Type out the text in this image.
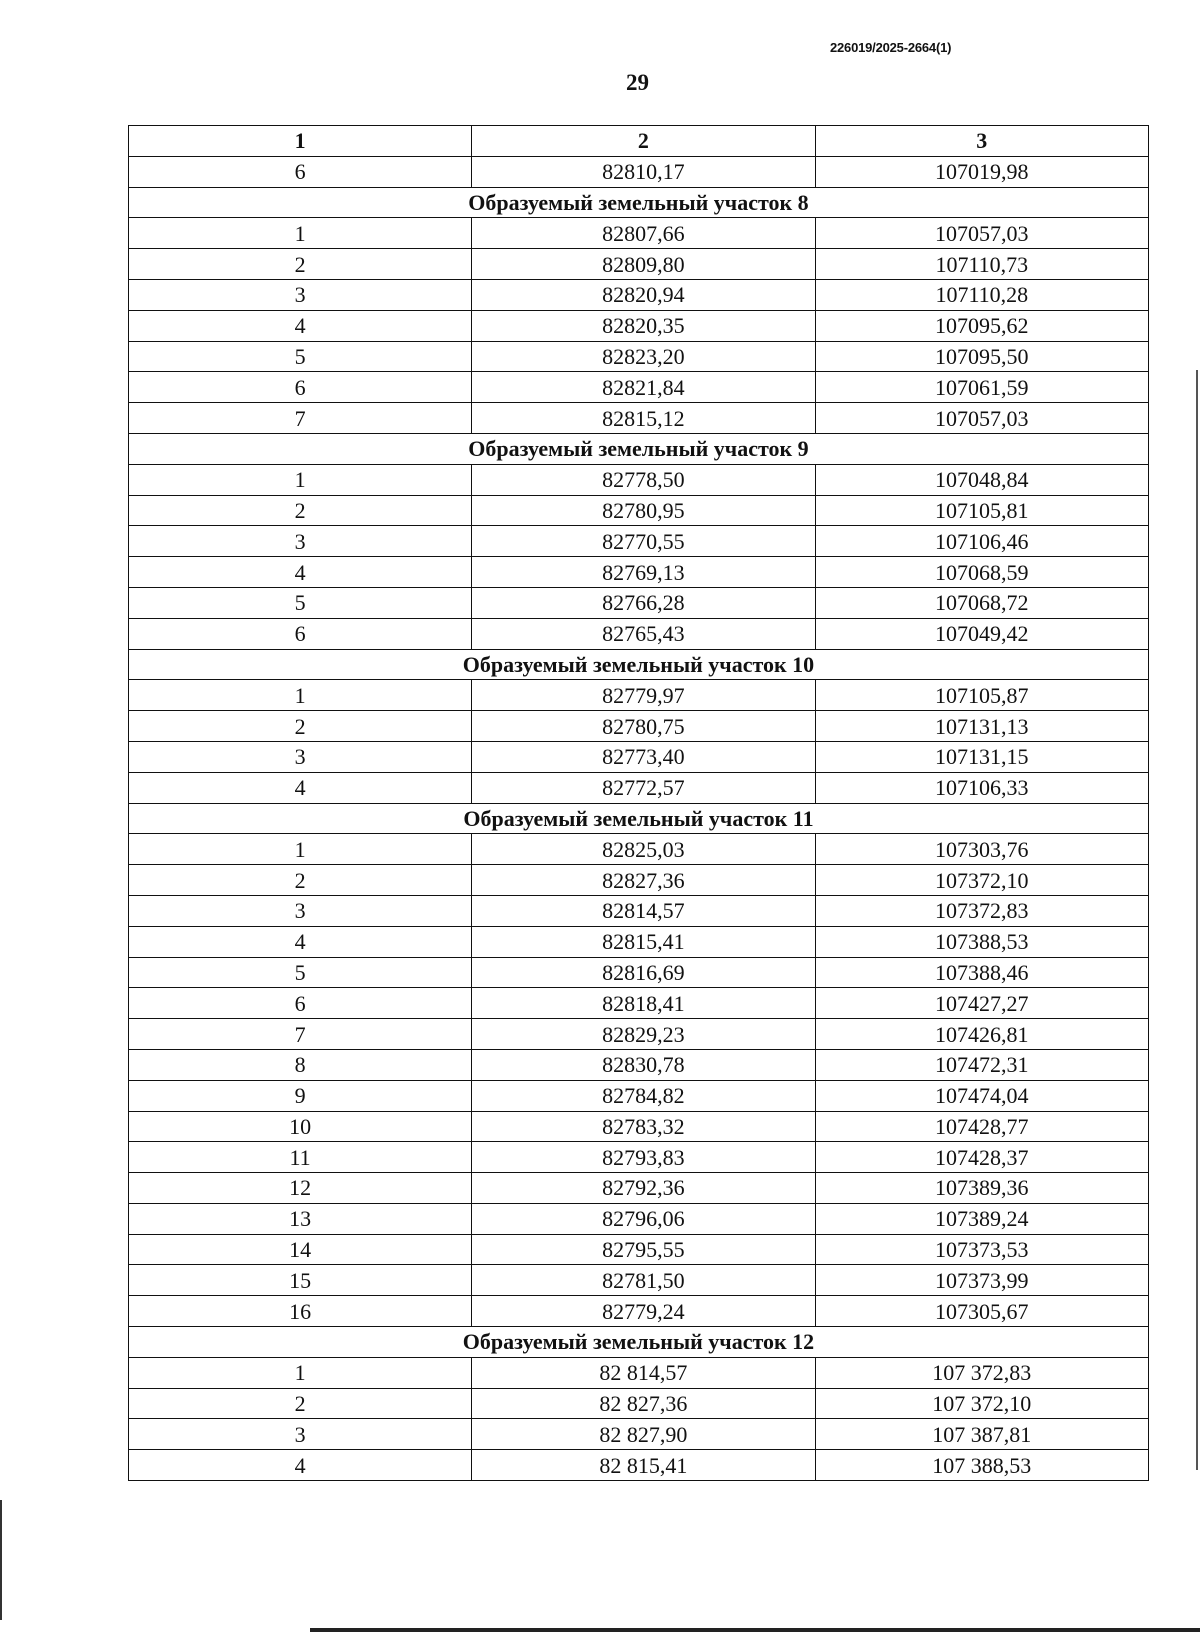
226019/2025-2664(1)
29
1	2	3
6	82810,17	107019,98
Образуемый земельный участок 8		
1	82807,66	107057,03
2	82809,80	107110,73
3	82820,94	107110,28
4	82820,35	107095,62
5	82823,20	107095,50
6	82821,84	107061,59
7	82815,12	107057,03
Образуемый земельный участок 9		
1	82778,50	107048,84
2	82780,95	107105,81
3	82770,55	107106,46
4	82769,13	107068,59
5	82766,28	107068,72
6	82765,43	107049,42
Образуемый земельный участок 10		
1	82779,97	107105,87
2	82780,75	107131,13
3	82773,40	107131,15
4	82772,57	107106,33
Образуемый земельный участок 11		
1	82825,03	107303,76
2	82827,36	107372,10
3	82814,57	107372,83
4	82815,41	107388,53
5	82816,69	107388,46
6	82818,41	107427,27
7	82829,23	107426,81
8	82830,78	107472,31
9	82784,82	107474,04
10	82783,32	107428,77
11	82793,83	107428,37
12	82792,36	107389,36
13	82796,06	107389,24
14	82795,55	107373,53
15	82781,50	107373,99
16	82779,24	107305,67
Образуемый земельный участок 12		
1	82 814,57	107 372,83
2	82 827,36	107 372,10
3	82 827,90	107 387,81
4	82 815,41	107 388,53
